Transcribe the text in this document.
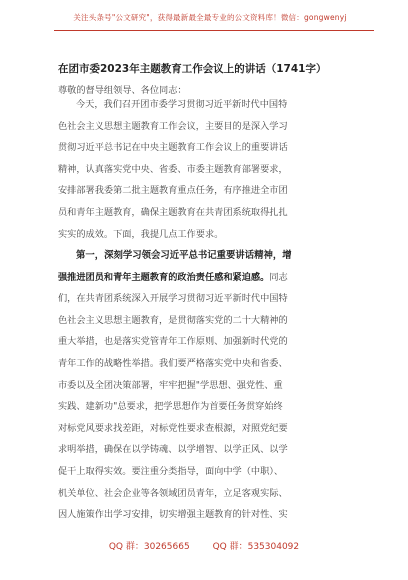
关注头条号"公文研究"，获得最新最全最专业的公文资料库！微信：gongwenyj
在团市委2023年主题教育工作会议上的讲话（1741字）
尊敬的督导组领导、各位同志：
今天，我们召开团市委学习贯彻习近平新时代中国特
色社会主义思想主题教育工作会议，主要目的是深入学习
贯彻习近平总书记在中央主题教育工作会议上的重要讲话
精神，认真落实党中央、省委、市委主题教育部署要求，
安排部署我委第二批主题教育重点任务，有序推进全市团
员和青年主题教育，确保主题教育在共青团系统取得扎扎
实实的成效。下面，我提几点工作要求。
第一，深刻学习领会习近平总书记重要讲话精神，增
强推进团员和青年主题教育的政治责任感和紧迫感。同志
们，在共青团系统深入开展学习贯彻习近平新时代中国特
色社会主义思想主题教育，是贯彻落实党的二十大精神的
重大举措，也是落实党管青年工作原则、加强新时代党的
青年工作的战略性举措。我们要严格落实党中央和省委、
市委以及全团决策部署，牢牢把握"学思想、强党性、重
实践、建新功"总要求，把学思想作为首要任务贯穿始终
对标党风要求找差距，对标党性要求查根源，对照党纪要
求明举措，确保在以学铸魂、以学增智、以学正风、以学
促干上取得实效。要注重分类指导，面向中学（中职）、
机关单位、社会企业等各领域团员青年，立足客观实际、
因人施策作出学习安排，切实增强主题教育的针对性、实
QQ 群：30265665	QQ 群：535304092
